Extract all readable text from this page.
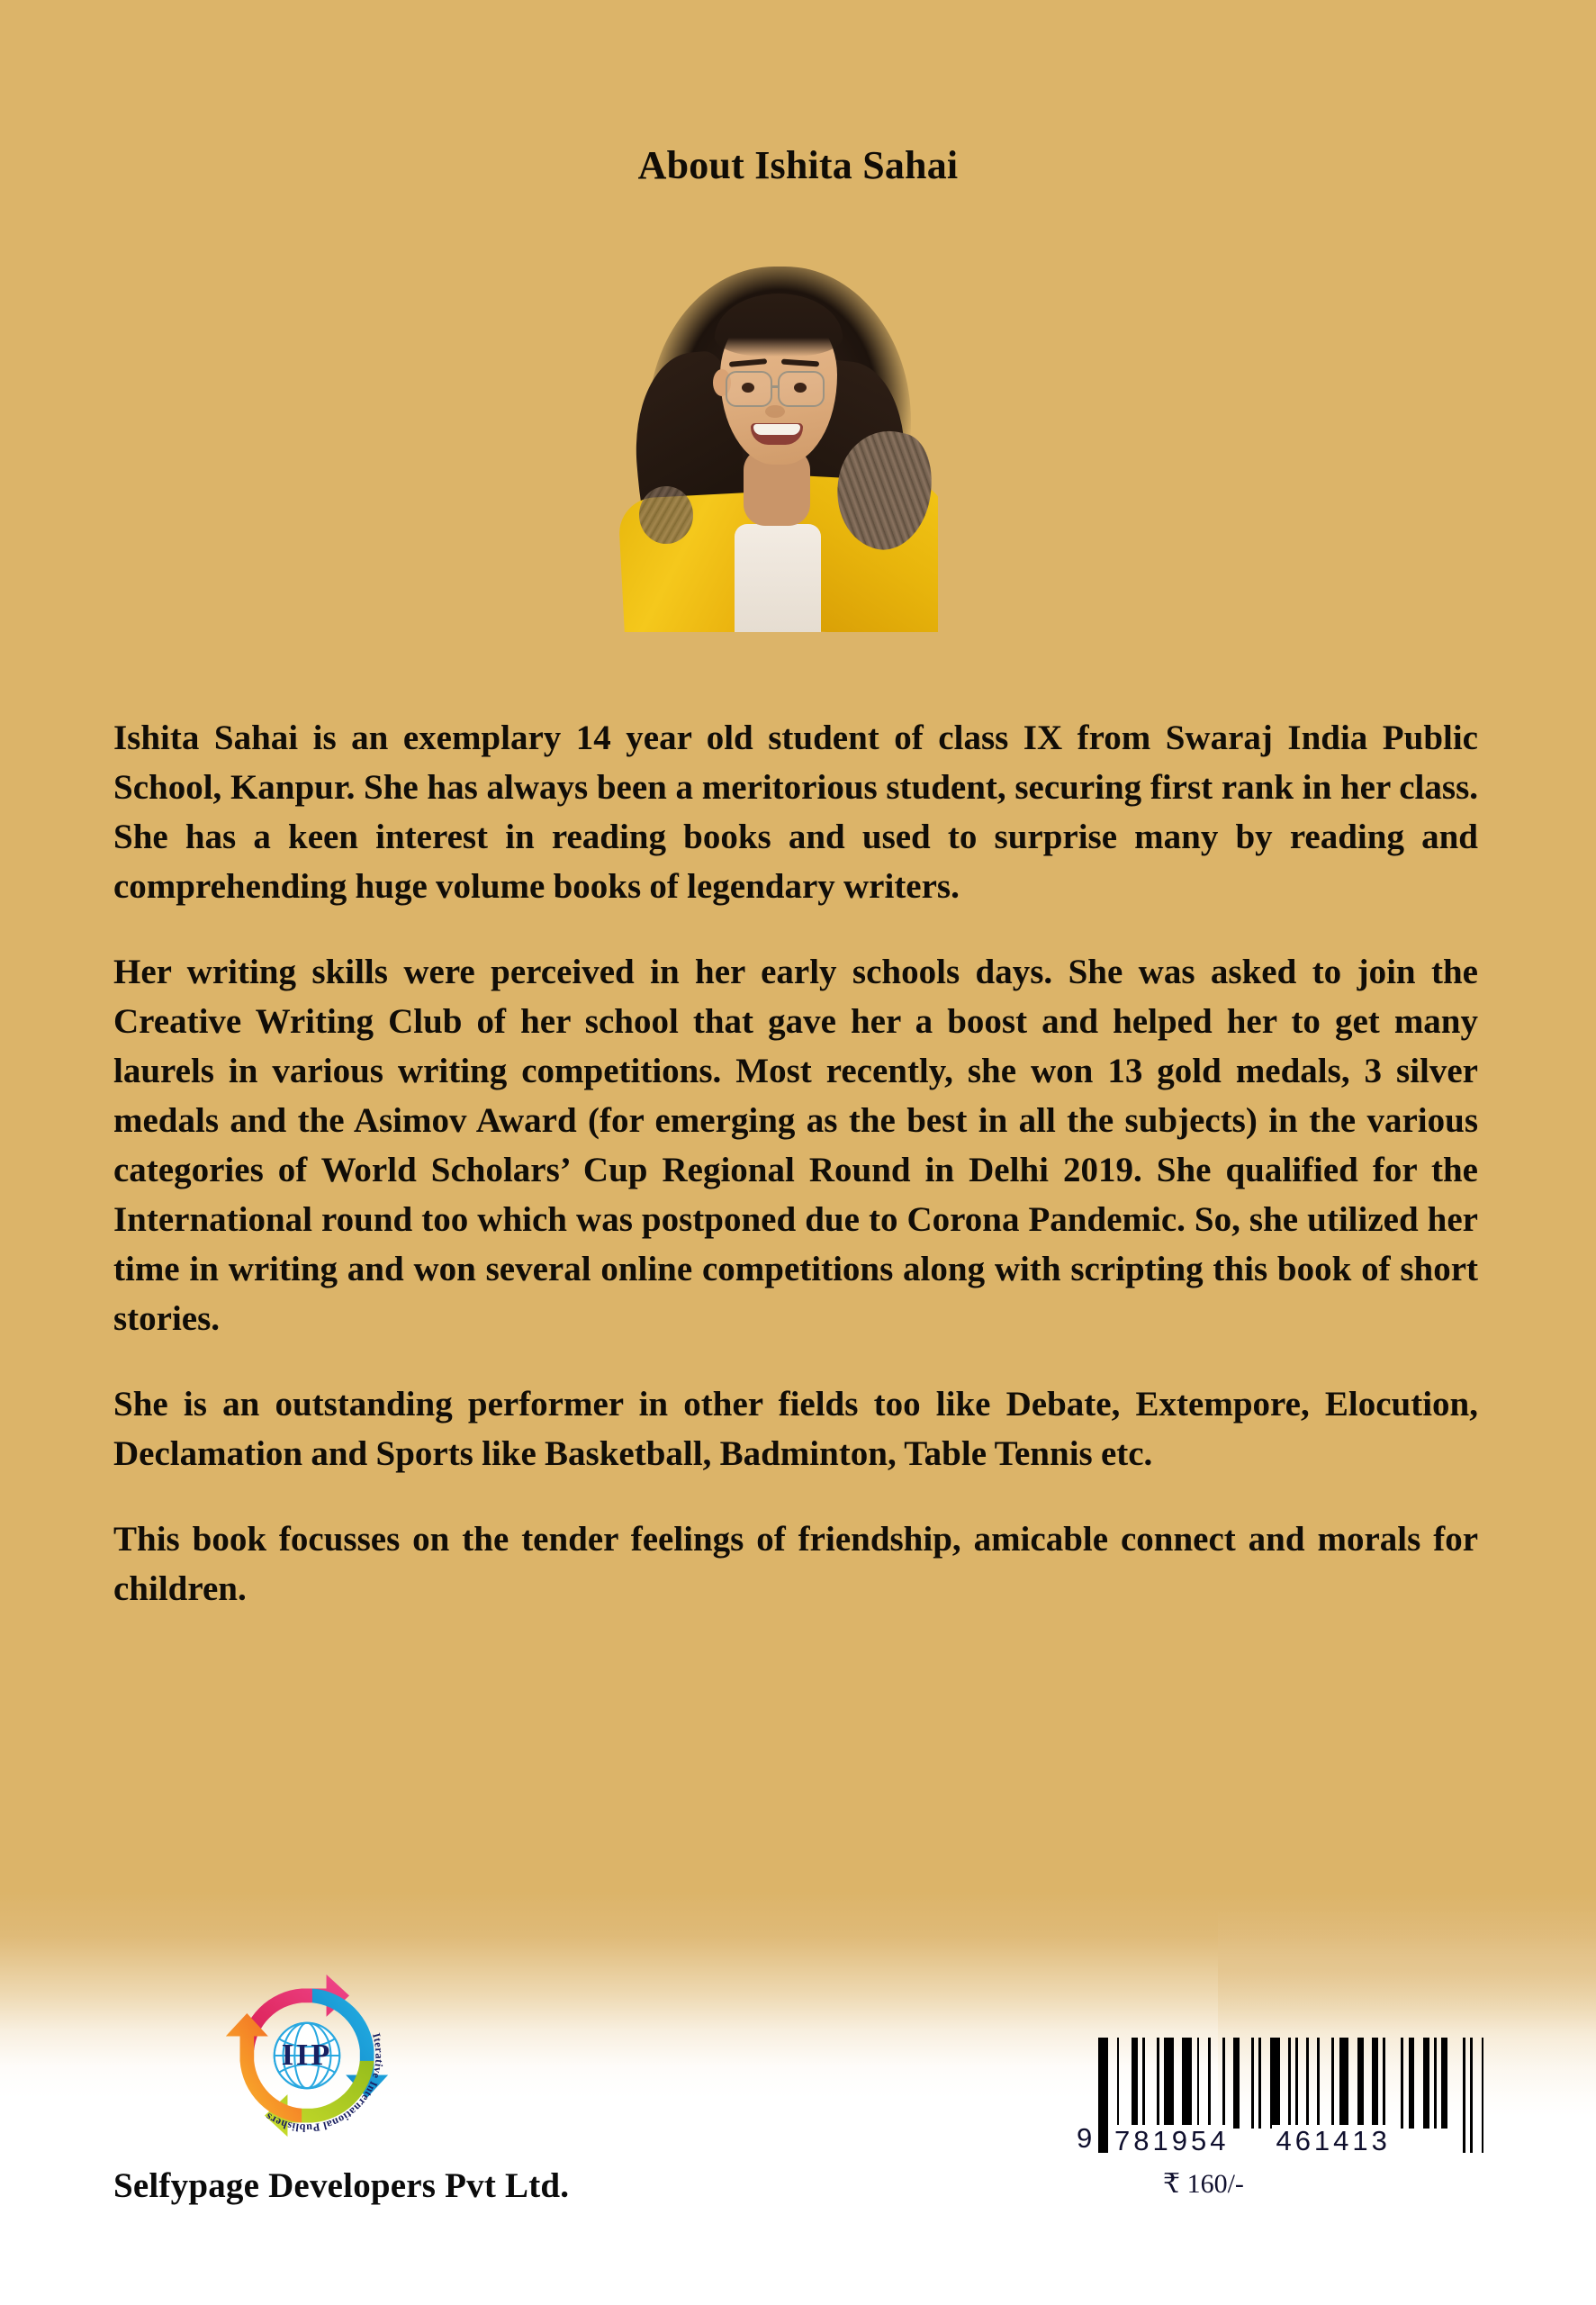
About Ishita Sahai

Ishita Sahai is an exemplary 14 year old student of class IX from Swaraj India Public School, Kanpur. She has always been a meritorious student, securing first rank in her class. She has a keen interest in reading books and used to surprise many by reading and comprehending huge volume books of legendary writers.

Her writing skills were perceived in her early schools days. She was asked to join the Creative Writing Club of her school that gave her a boost and helped her to get many laurels in various writing competitions. Most recently, she won 13 gold medals, 3 silver medals and the Asimov Award (for emerging as the best in all the subjects) in the various categories of World Scholars’ Cup Regional Round in Delhi 2019. She qualified for the International round too which was postponed due to Corona Pandemic. So, she utilized her time in writing and won several online competitions along with scripting this book of short stories.

She is an outstanding performer in other fields too like Debate, Extempore, Elocution, Declamation and Sports like Basketball, Badminton, Table Tennis etc.

This book focusses on the tender feelings of friendship, amicable connect and morals for children.

Iterative International Publishers
IIP
Selfypage Developers Pvt Ltd.
9 781954 461413
₹ 160/-
